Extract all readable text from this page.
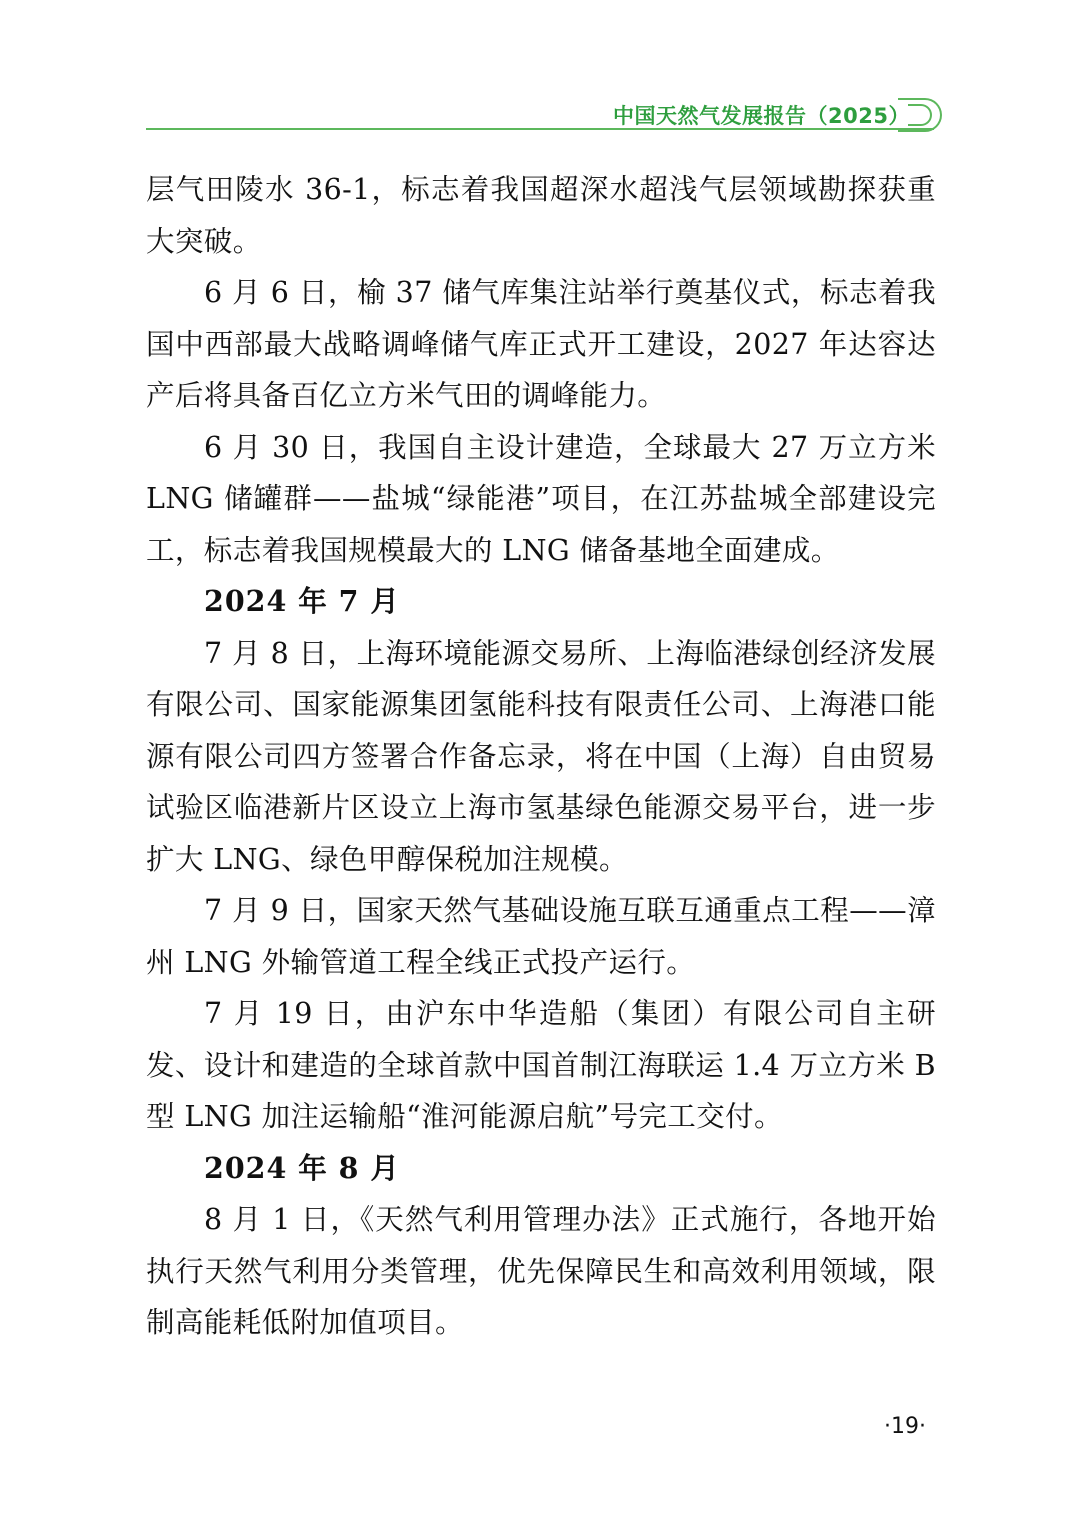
中国天然气发展报告（2025）

层气田陵水 36-1，标志着我国超深水超浅气层领域勘探获重大突破。

6 月 6 日，榆 37 储气库集注站举行奠基仪式，标志着我国中西部最大战略调峰储气库正式开工建设，2027 年达容达产后将具备百亿立方米气田的调峰能力。

6 月 30 日，我国自主设计建造，全球最大 27 万立方米 LNG 储罐群——盐城“绿能港”项目，在江苏盐城全部建设完工，标志着我国规模最大的 LNG 储备基地全面建成。

2024 年 7 月

7 月 8 日，上海环境能源交易所、上海临港绿创经济发展有限公司、国家能源集团氢能科技有限责任公司、上海港口能源有限公司四方签署合作备忘录，将在中国（上海）自由贸易试验区临港新片区设立上海市氢基绿色能源交易平台，进一步扩大 LNG、绿色甲醇保税加注规模。

7 月 9 日，国家天然气基础设施互联互通重点工程——漳州 LNG 外输管道工程全线正式投产运行。

7 月 19 日，由沪东中华造船（集团）有限公司自主研发、设计和建造的全球首款中国首制江海联运 1.4 万立方米 B 型 LNG 加注运输船“淮河能源启航”号完工交付。

2024 年 8 月

8 月 1 日，《天然气利用管理办法》正式施行，各地开始执行天然气利用分类管理，优先保障民生和高效利用领域，限制高能耗低附加值项目。

·19·
